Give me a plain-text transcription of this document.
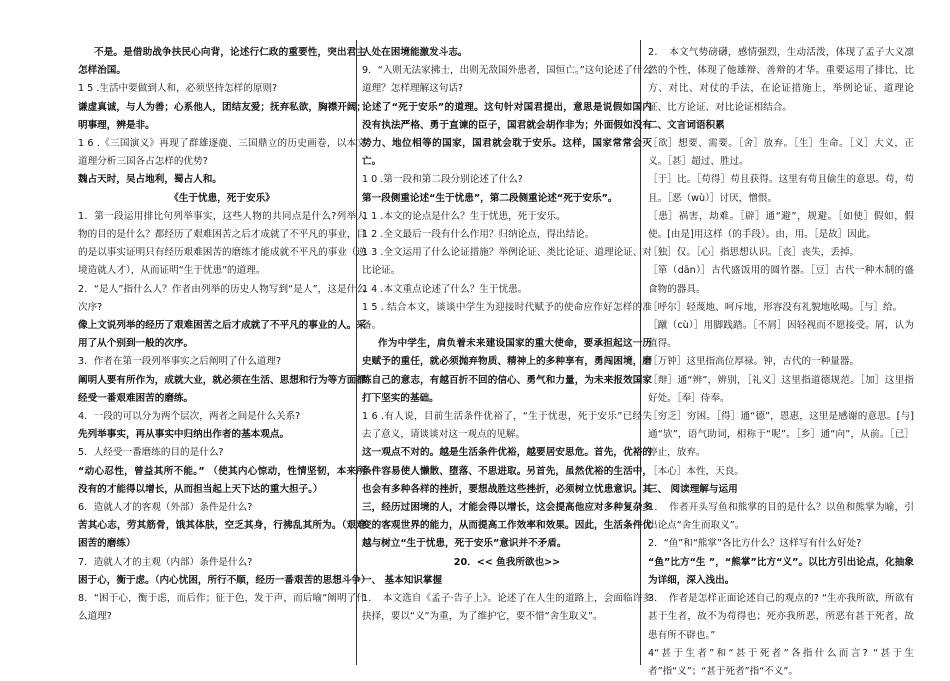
不是。是借助战争扶民心向背，论述行仁政的重要性，突出君主怎样治国。

1 5 .生活中要做到人和，必须坚持怎样的原则?

谦虚真诚，与人为善；心系他人，团结友爱；抚弃私欲，胸襟开阔；明事理，辨是非。

1 6 .《三国演义》再现了群雄逐鹿、三国鼎立的历史画卷，以本文道理分析三国各占怎样的优势?

魏占天时，吴占地利，蜀占人和。

《生于忧患，死于安乐》

1．第一段运用排比句列举事实，这些人物的共同点是什么?列举人物的目的是什么？都经历了艰难困苦之后才成就了不平凡的事业，目的是以事实证明只有经历艰难困苦的磨练才能成就不平凡的事业（逆境造就人才），从而证明“生于忧患”的道理。

2．“是人”指什么人？作者由列举的历史人物写到“是人”，这是什么次序?

像上文说列举的经历了艰难困苦之后才成就了不平凡的事业的人。采用了从个别到一般的次序。

3．作者在第一段列举事实之后阐明了什么道理?

阐明人要有所作为，成就大业，就必须在生活、思想和行为等方面都经受一番艰难困苦的磨练。

4．一段的可以分为两个层次，两者之间是什么关系?

先列举事实，再从事实中归纳出作者的基本观点。

5．人经受一番磨练的目的是什么?

“动心忍性，曾益其所不能。” （使其内心惊动，性情坚韧，本来所没有的才能得以增长，从而担当起上天下达的重大担子。）

6．造就人才的客观（外部）条件是什么?

苦其心志，劳其筋骨，饿其体肤，空乏其身，行拂乱其所为。（艰难困苦的磨练）

7．造就人才的主观（内部）条件是什么?

困于心，衡于虑。（内心忧困，所行不顺，经历一番艰苦的思想斗争）

8．“困于心，衡于虑，而后作；征于色，发于声，而后喻”阐明了什么道理?

人处在困境能激发斗志。

9．“入则无法家拂士，出则无敌国外患者，国恒亡。”这句论述了什么道理？怎样理解这句话?

论述了“死于安乐”的道理。这句针对国君提出，意思是说假如国内没有执法严格、勇于直谏的臣子，国君就会胡作非为；外面假如没有势力、地位相等的国家，国君就会耽于安乐。这样，国家常常会灭亡。

1 0 .第一段和第二段分别论述了什么?

第一段侧重论述“生于忧患”，第二段侧重论述“死于安乐”。

1 1 .本文的论点是什么？生于忧患，死于安乐。

1 2 .全文最后一段有什么作用？归纳论点，得出结论。

1 3 .全文运用了什么论证措施？举例论证、类比论证、道理论证、对比论证。

1 4 .本文重点论述了什么？生于忧患。

1 5 . 结合本文，谈谈中学生为迎接时代赋予的使命应作好怎样的准备。

作为中学生，肩负着未来建设国家的重大使命，要承担起这一历史赋予的重任，就必须抛弃物质、精神上的多种享有，勇闯困境，磨练自己的意志，有越百折不回的信心、勇气和力量，为未来报效国家打下坚实的基础。

1 6 .有人说，目前生活条件优裕了，“生于忧患，死于安乐”已经失去了意义，请谈谈对这一观点的见解。

这一观点不对的。越是生活条件优裕，越要居安思危。首先，优裕的条件容易使人懒散、堕落、不思进取。另首先，虽然优裕的生活中，也会有多种各样的挫折，要想战胜这些挫折，必须树立忧患意识。其三，经历过困境的人，才能会得以增长，这会提高他应对多种复杂多变的客观世界的能力，从而提高工作效率和效果。因此，生活条件优越与树立“生于忧患，死于安乐”意识并不矛盾。

20．<< 鱼我所欲也>>

一、 基本知识掌握

1．　本文选自《孟子·告子上》。论述了在人生的道路上，会面临许多抉择，要以“义”为重，为了维护它，要不惜“舍生取义”。

2．　本文气势磅礴，感情强烈，生动活泼，体现了孟子大义凛然的个性，体现了他雄辩、善辩的才华。重要运用了排比、比方、对比、对仗的手法，在论证措施上，举例论证、道理论证、比方论证、对比论证相结合。

二、文言词语积累

［欲］想要、需要。［舍］放弃。［生］生命。［义］大义，正义。［甚］超过、胜过。

［于］比。［苟得］苟且获得。这里有苟且偷生的意思。苟，苟且。［恶（wù）］讨厌，憎恨。

［患］祸害，劫难。［辟］通“避”，规避。［如使］假如，假使。[由是]用这样（的手段）。由，用。［是故］因此。

［独］仅。［心］指思想认识。［丧］丧失，丢掉。

［箪（dān）］古代盛饭用的圆竹器。［豆］古代一种木制的盛食物的器具。

［呼尔］轻蔑地、呵斥地，形容没有礼貌地吆喝。［与］给。

［蹴（cù）］用脚践踏。［不屑］因轻视而不愿接受。屑，认为值得。

［万钟］这里指高位厚禄。钟，古代的一种量器。

［辩］通“辨”，辨别，［礼义］这里指道德规范。［加］这里指好处。［奉］侍奉。

［穷乏］穷困。［得］通“德”，恩惠，这里是感谢的意思。[与]通“欤”，语气助词，相称于“呢”。［乡］通“向”，从前。［已］停止，放弃。

［本心］本性，天良。

三、 阅读理解与运用

1．　作者开头写鱼和熊掌的目的是什么？以鱼和熊掌为喻，引出论点“舍生而取义”。

2．“鱼”和“熊掌”各比方什么？这样写有什么好处?

“鱼”比方“生 ”，“熊掌”比方“义”。以比方引出论点，化抽象为详细，深入浅出。

3．　作者是怎样正面论述自己的观点的? “生亦我所欲，所欲有甚于生者，故不为苟得也；死亦我所恶，所恶有甚于死者，故患有所不辟也。”

4“甚于生者”和“甚于死者”各指什么而言? “甚于生者”指“义”；“甚于死者”指“不义”。
